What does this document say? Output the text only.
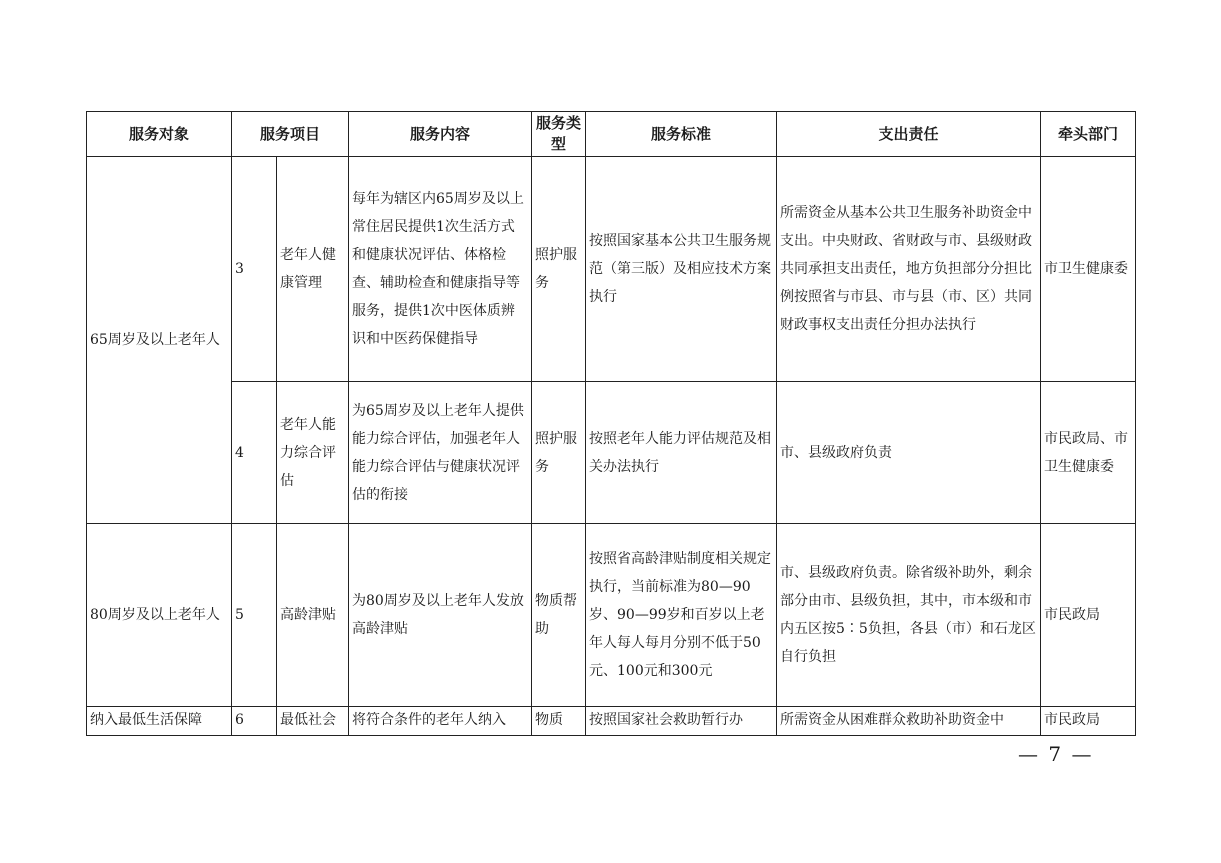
服务对象	服务项目		服务内容	服务类型	服务标准	支出责任	牵头部门
65周岁及以上老年人	3	老年人健康管理	每年为辖区内65周岁及以上常住居民提供1次生活方式和健康状况评估、体格检查、辅助检查和健康指导等服务，提供1次中医体质辨识和中医药保健指导	照护服务	按照国家基本公共卫生服务规范（第三版）及相应技术方案执行	所需资金从基本公共卫生服务补助资金中支出。中央财政、省财政与市、县级财政共同承担支出责任，地方负担部分分担比例按照省与市县、市与县（市、区）共同财政事权支出责任分担办法执行	市卫生健康委
	4	老年人能力综合评估	为65周岁及以上老年人提供能力综合评估，加强老年人能力综合评估与健康状况评估的衔接	照护服务	按照老年人能力评估规范及相关办法执行	市、县级政府负责	市民政局、市卫生健康委
80周岁及以上老年人	5	高龄津贴	为80周岁及以上老年人发放高龄津贴	物质帮助	按照省高龄津贴制度相关规定执行，当前标准为80—90岁、90—99岁和百岁以上老年人每人每月分别不低于50元、100元和300元	市、县级政府负责。除省级补助外，剩余部分由市、县级负担，其中，市本级和市内五区按5∶5负担，各县（市）和石龙区自行负担	市民政局
纳入最低生活保障	6	最低社会	将符合条件的老年人纳入	物质	按照国家社会救助暂行办	所需资金从困难群众救助补助资金中	市民政局
— 7 —
